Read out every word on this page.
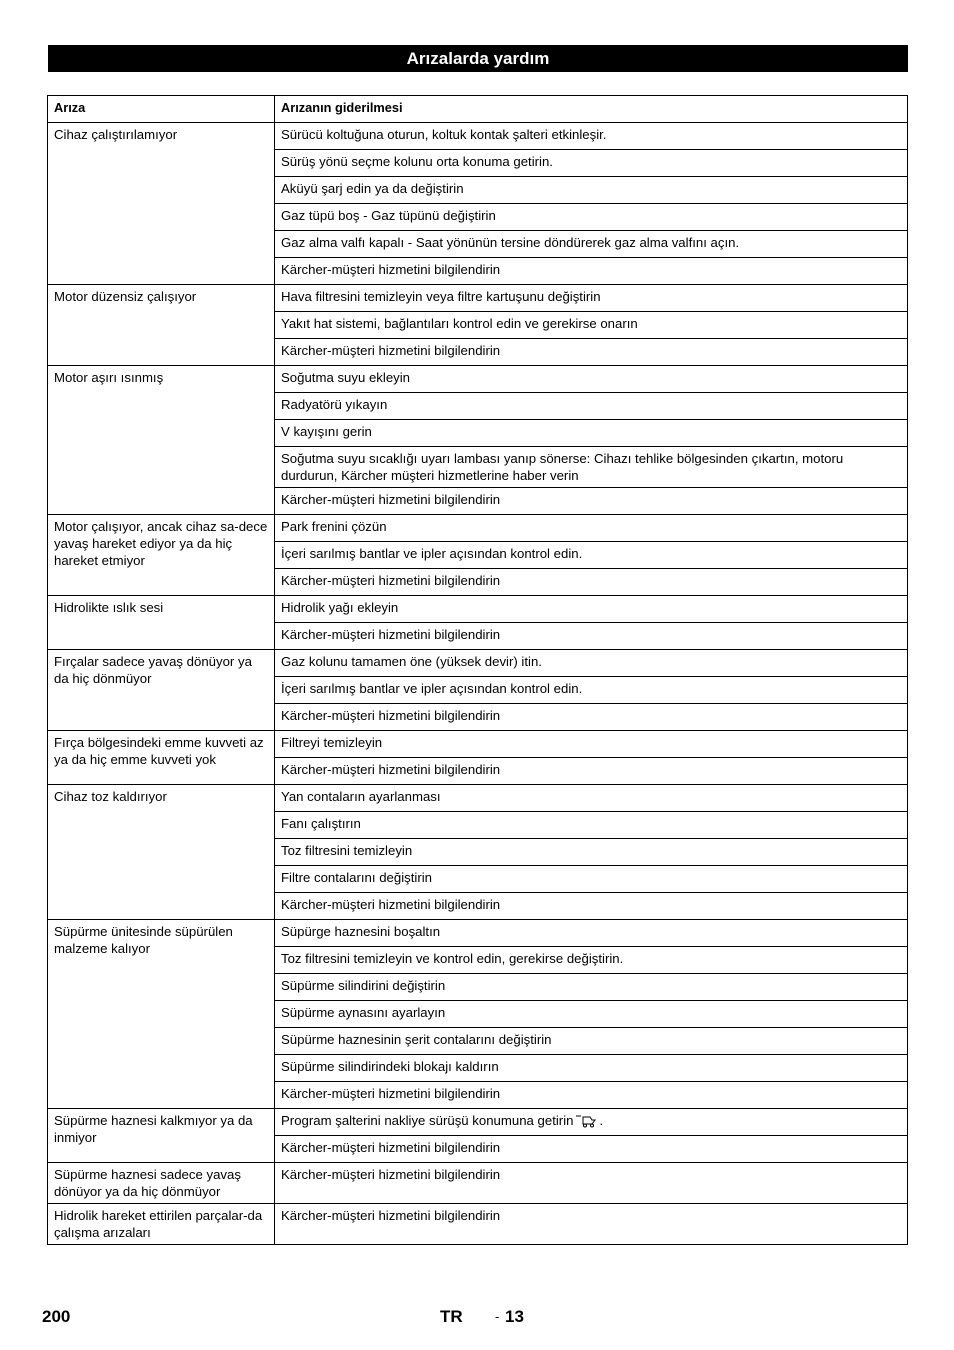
Arızalarda yardım
Arıza	Arızanın giderilmesi
Cihaz çalıştırılamıyor	Sürücü koltuğuna oturun, koltuk kontak şalteri etkinleşir.
	Sürüş yönü seçme kolunu orta konuma getirin.
	Aküyü şarj edin ya da değiştirin
	Gaz tüpü boş - Gaz tüpünü değiştirin
	Gaz alma valfı kapalı - Saat yönünün tersine döndürerek gaz alma valfını açın.
	Kärcher-müşteri hizmetini bilgilendirin
Motor düzensiz çalışıyor	Hava filtresini temizleyin veya filtre kartuşunu değiştirin
	Yakıt hat sistemi, bağlantıları kontrol edin ve gerekirse onarın
	Kärcher-müşteri hizmetini bilgilendirin
Motor aşırı ısınmış	Soğutma suyu ekleyin
	Radyatörü yıkayın
	V kayışını gerin
	Soğutma suyu sıcaklığı uyarı lambası yanıp sönerse: Cihazı tehlike bölgesinden çıkartın, motoru durdurun, Kärcher müşteri hizmetlerine haber verin
	Kärcher-müşteri hizmetini bilgilendirin
Motor çalışıyor, ancak cihaz sa-dece yavaş hareket ediyor ya da hiç hareket etmiyor	Park frenini çözün
	İçeri sarılmış bantlar ve ipler açısından kontrol edin.
	Kärcher-müşteri hizmetini bilgilendirin
Hidrolikte ıslık sesi	Hidrolik yağı ekleyin
	Kärcher-müşteri hizmetini bilgilendirin
Fırçalar sadece yavaş dönüyor ya da hiç dönmüyor	Gaz kolunu tamamen öne (yüksek devir) itin.
	İçeri sarılmış bantlar ve ipler açısından kontrol edin.
	Kärcher-müşteri hizmetini bilgilendirin
Fırça bölgesindeki emme kuvveti az ya da hiç emme kuvveti yok	Filtreyi temizleyin
	Kärcher-müşteri hizmetini bilgilendirin
Cihaz toz kaldırıyor	Yan contaların ayarlanması
	Fanı çalıştırın
	Toz filtresini temizleyin
	Filtre contalarını değiştirin
	Kärcher-müşteri hizmetini bilgilendirin
Süpürme ünitesinde süpürülen malzeme kalıyor	Süpürge haznesini boşaltın
	Toz filtresini temizleyin ve kontrol edin, gerekirse değiştirin.
	Süpürme silindirini değiştirin
	Süpürme aynasını ayarlayın
	Süpürme haznesinin şerit contalarını değiştirin
	Süpürme silindirindeki blokajı kaldırın
	Kärcher-müşteri hizmetini bilgilendirin
Süpürme haznesi kalkmıyor ya da inmiyor	Program şalterini nakliye sürüşü konumuna getirin .
	Kärcher-müşteri hizmetini bilgilendirin
Süpürme haznesi sadece yavaş dönüyor ya da hiç dönmüyor	Kärcher-müşteri hizmetini bilgilendirin
Hidrolik hareket ettirilen parçalar-da çalışma arızaları	Kärcher-müşteri hizmetini bilgilendirin
200	TR - 13
